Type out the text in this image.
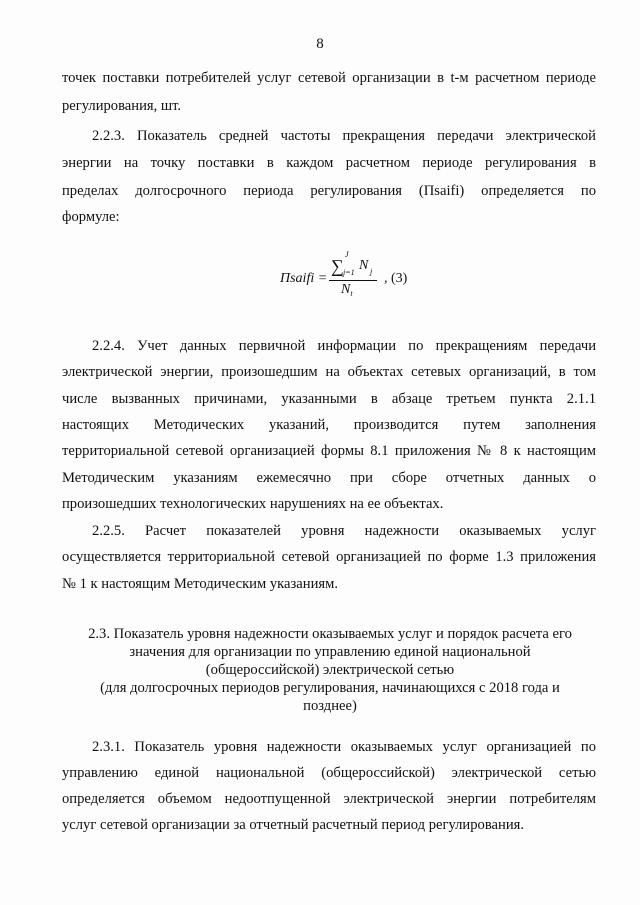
8
точек поставки потребителей услуг сетевой организации в t-м расчетном периоде
регулирования, шт.
2.2.3. Показатель средней частоты прекращения передачи электрической
энергии на точку поставки в каждом расчетном периоде регулирования в
пределах долгосрочного периода регулирования (Пsaifi) определяется по
формуле:
Пsaifi =
∑
J
j=1 N j
$N_t$
, (3)
2.2.4. Учет данных первичной информации по прекращениям передачи
электрической энергии, произошедшим на объектах сетевых организаций, в том
числе вызванных причинами, указанными в абзаце третьем пункта 2.1.1
настоящих Методических указаний, производится путем заполнения
территориальной сетевой организацией формы 8.1 приложения № 8 к настоящим
Методическим указаниям ежемесячно при сборе отчетных данных о
произошедших технологических нарушениях на ее объектах.
2.2.5. Расчет показателей уровня надежности оказываемых услуг
осуществляется территориальной сетевой организацией по форме 1.3 приложения
№ 1 к настоящим Методическим указаниям.
2.3. Показатель уровня надежности оказываемых услуг и порядок расчета его
значения для организации по управлению единой национальной
(общероссийской) электрической сетью
(для долгосрочных периодов регулирования, начинающихся с 2018 года и
позднее)
2.3.1. Показатель уровня надежности оказываемых услуг организацией по
управлению единой национальной (общероссийской) электрической сетью
определяется объемом недоотпущенной электрической энергии потребителям
услуг сетевой организации за отчетный расчетный период регулирования.
